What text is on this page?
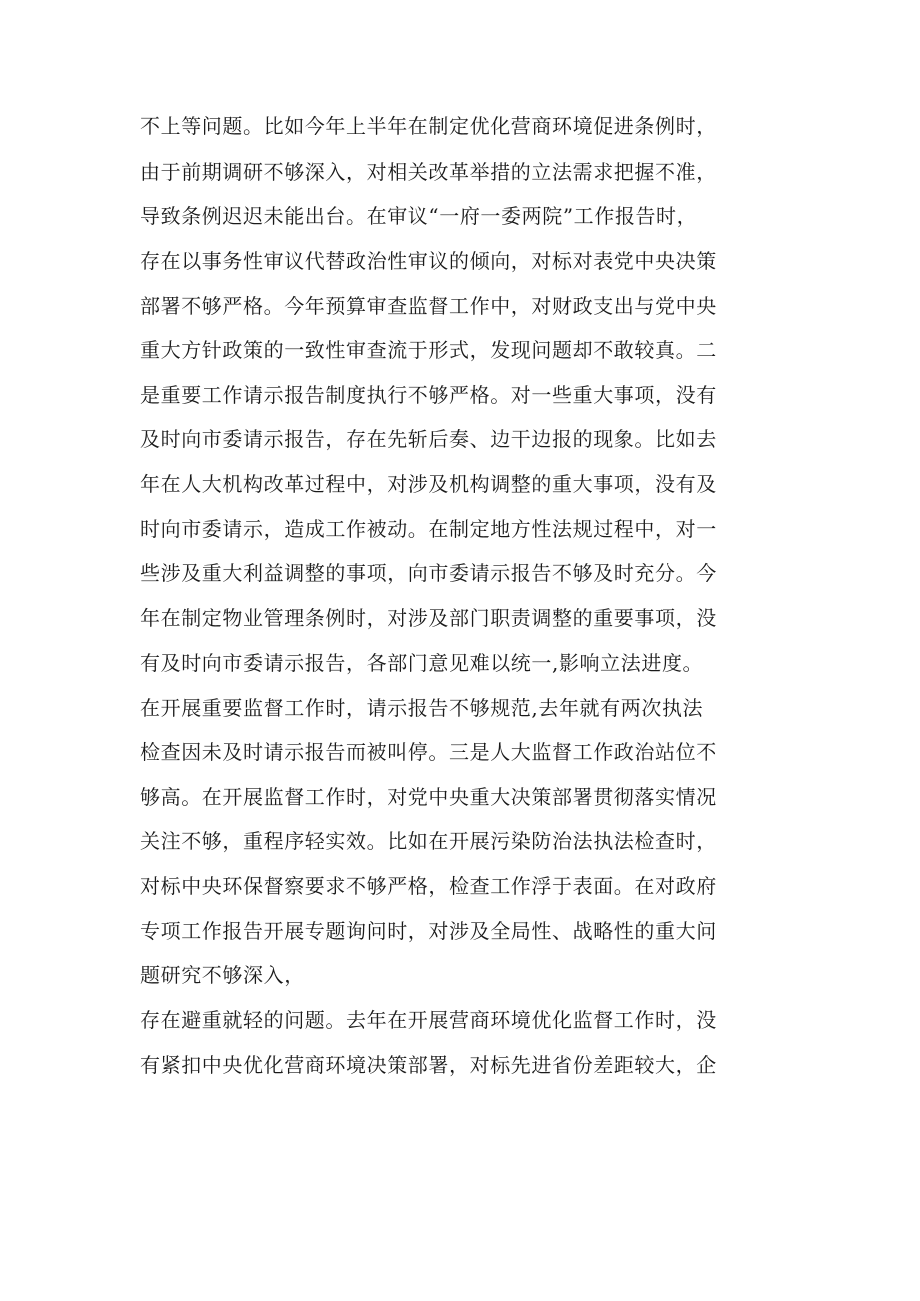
不上等问题。比如今年上半年在制定优化营商环境促进条例时，
由于前期调研不够深入，对相关改革举措的立法需求把握不准，
导致条例迟迟未能出台。在审议“一府一委两院”工作报告时，
存在以事务性审议代替政治性审议的倾向，对标对表党中央决策
部署不够严格。今年预算审查监督工作中，对财政支出与党中央
重大方针政策的一致性审查流于形式，发现问题却不敢较真。二
是重要工作请示报告制度执行不够严格。对一些重大事项，没有
及时向市委请示报告，存在先斩后奏、边干边报的现象。比如去
年在人大机构改革过程中，对涉及机构调整的重大事项，没有及
时向市委请示，造成工作被动。在制定地方性法规过程中，对一
些涉及重大利益调整的事项，向市委请示报告不够及时充分。今
年在制定物业管理条例时，对涉及部门职责调整的重要事项，没
有及时向市委请示报告，各部门意见难以统一,影响立法进度。
在开展重要监督工作时，请示报告不够规范,去年就有两次执法
检查因未及时请示报告而被叫停。三是人大监督工作政治站位不
够高。在开展监督工作时，对党中央重大决策部署贯彻落实情况
关注不够，重程序轻实效。比如在开展污染防治法执法检查时，
对标中央环保督察要求不够严格，检查工作浮于表面。在对政府
专项工作报告开展专题询问时，对涉及全局性、战略性的重大问
题研究不够深入，
存在避重就轻的问题。去年在开展营商环境优化监督工作时，没
有紧扣中央优化营商环境决策部署，对标先进省份差距较大，企
